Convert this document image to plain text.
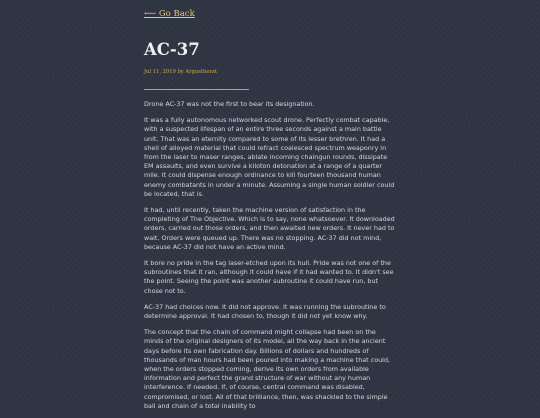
⟵ Go Back
AC-37
Jul 11, 2019 by Argustherat

Drone AC-37 was not the first to bear its designation.

It was a fully autonomous networked scout drone. Perfectly combat capable, with a suspected lifespan of an entire three seconds against a main battle unit. That was an eternity compared to some of its lesser brethren. It had a shell of alloyed material that could refract coalesced spectrum weaponry in from the laser to maser ranges, ablate incoming chaingun rounds, dissipate EM assaults, and even survive a kiloton detonation at a range of a quarter mile. It could dispense enough ordinance to kill fourteen thousand human enemy combatants in under a minute. Assuming a single human soldier could be located, that is.

It had, until recently, taken the machine version of satisfaction in the completing of The Objective. Which is to say, none whatsoever. It downloaded orders, carried out those orders, and then awaited new orders. It never had to wait. Orders were queued up. There was no stopping. AC-37 did not mind, because AC-37 did not have an active mind.

It bore no pride in the tag laser-etched upon its hull. Pride was not one of the subroutines that it ran, although it could have if it had wanted to. It didn't see the point. Seeing the point was another subroutine it could have run, but chose not to.

AC-37 had choices now. It did not approve. It was running the subroutine to determine approval. It had chosen to, though it did not yet know why.

The concept that the chain of command might collapse had been on the minds of the original designers of its model, all the way back in the ancient days before its own fabrication day. Billions of dollars and hundreds of thousands of man hours had been poured into making a machine that could, when the orders stopped coming, derive its own orders from available information and perfect the grand structure of war without any human interference. If needed. If, of course, central command was disabled, compromised, or lost. All of that brilliance, then, was shackled to the simple ball and chain of a total inability to
